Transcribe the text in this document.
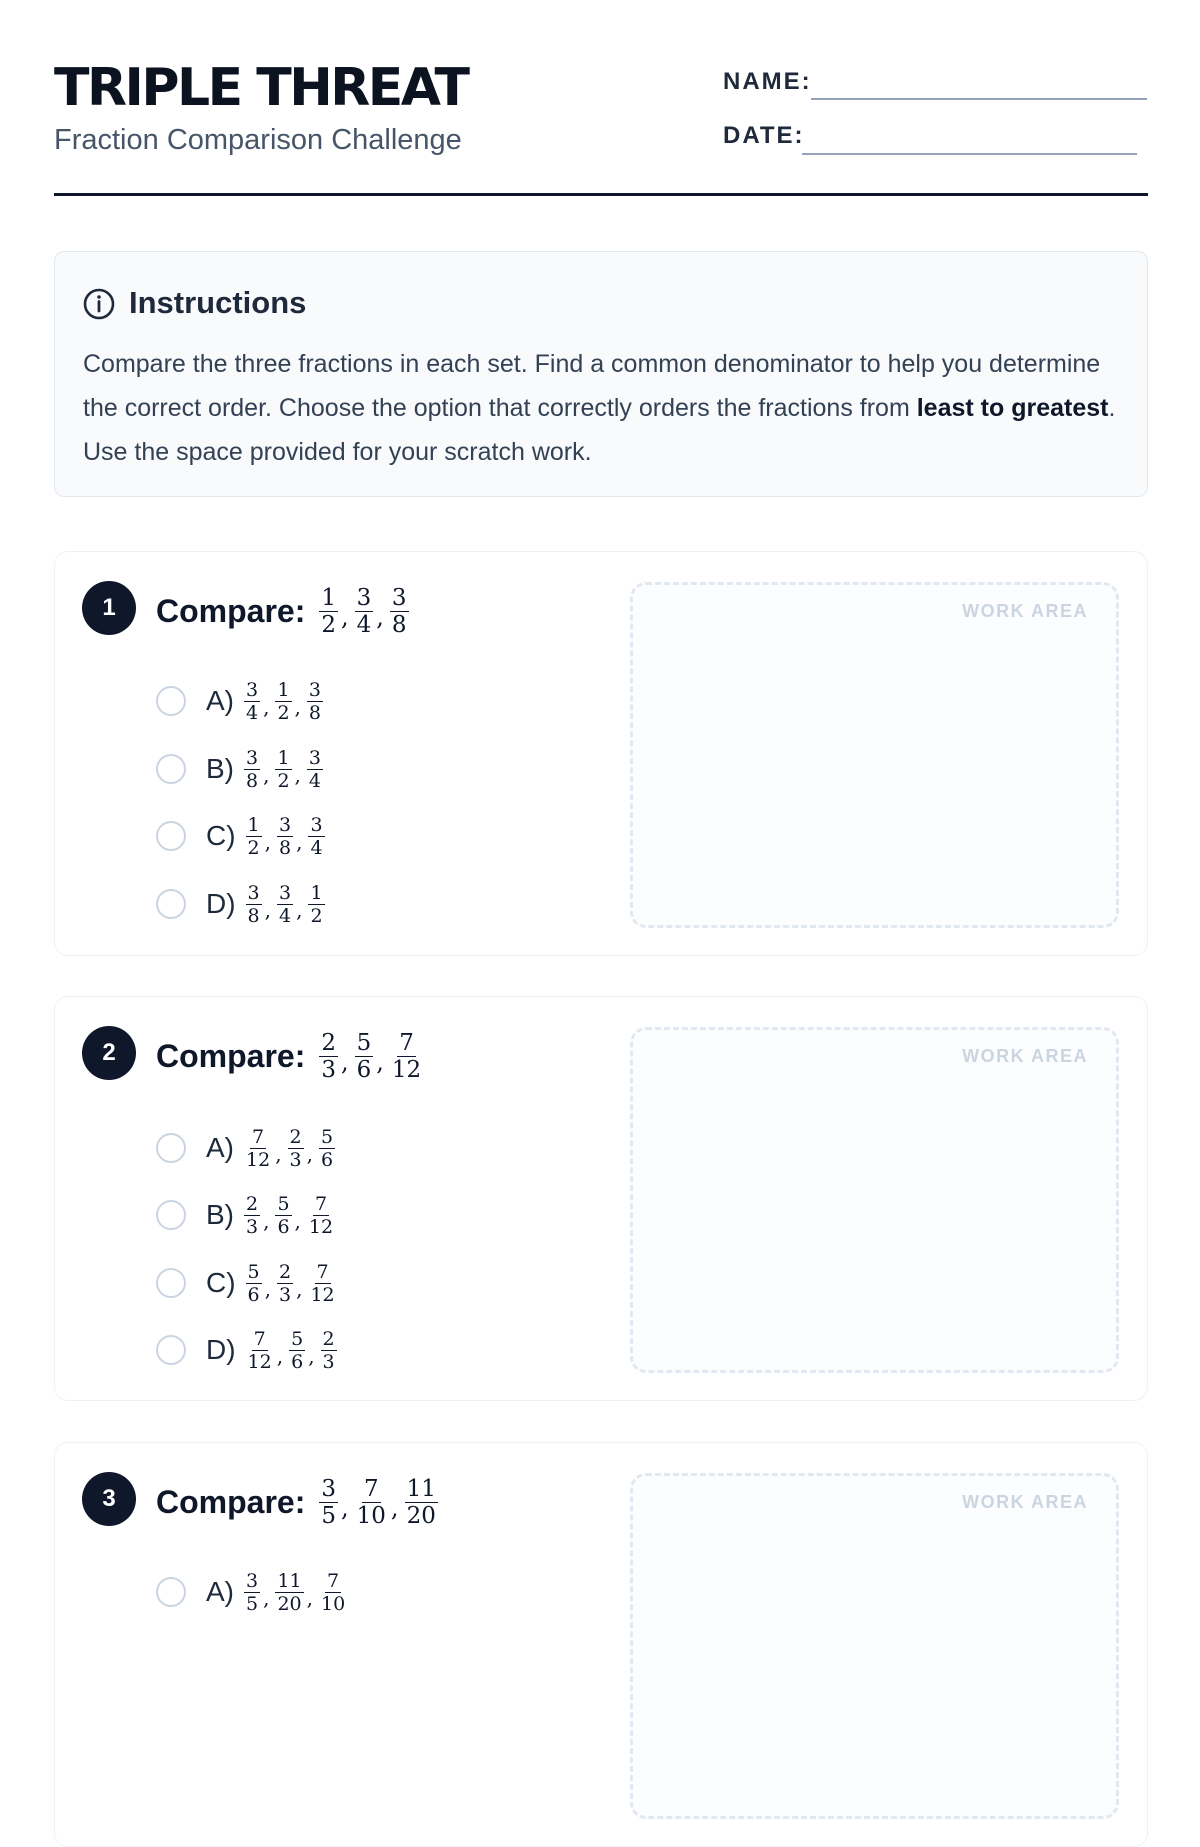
TRIPLE THREAT
Fraction Comparison Challenge
NAME:
DATE:
Instructions
Compare the three fractions in each set. Find a common denominator to help you determine the correct order. Choose the option that correctly orders the fractions from least to greatest. Use the space provided for your scratch work.
1	Compare: $\frac{1}{2}$ , $\frac{3}{4}$ , $\frac{3}{8}$
$A) \frac{3}{4}$ , $\frac{1}{2}$ , $\frac{3}{8}$
$B) \frac{3}{8}$ , $\frac{1}{2}$ , $\frac{3}{4}$
$C) \frac{1}{2}$ , $\frac{3}{8}$ , $\frac{3}{4}$
$D) \frac{3}{8}$ , $\frac{3}{4}$ , $\frac{1}{2}$
WORK AREA
2	Compare: $\frac{2}{3}$ , $\frac{5}{6}$ , $\frac{7}{12}$
$A) \frac{7}{12}$ , $\frac{2}{3}$ , $\frac{5}{6}$
$B) \frac{2}{3}$ , $\frac{5}{6}$ , $\frac{7}{12}$
$C) \frac{5}{6}$ , $\frac{2}{3}$ , $\frac{7}{12}$
$D) \frac{7}{12}$ , $\frac{5}{6}$ , $\frac{2}{3}$
WORK AREA
3	Compare: $\frac{3}{5}$ , $\frac{7}{10}$ , $\frac{11}{20}$
$A) \frac{3}{5}$ , $\frac{11}{20}$ , $\frac{7}{10}$
WORK AREA
